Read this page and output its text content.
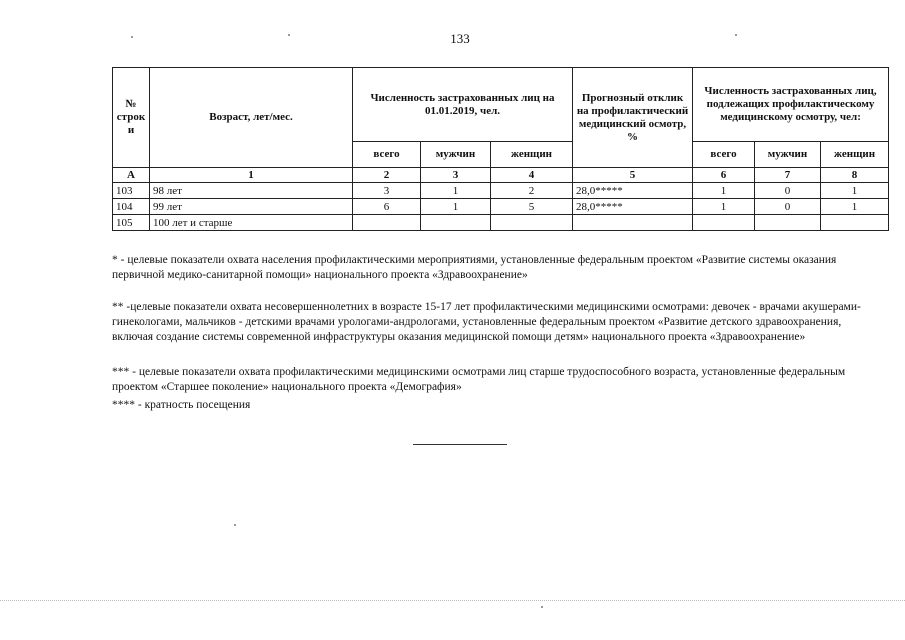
133
№ строк и	Возраст, лет/мес.	Численность застрахованных лиц на 01.01.2019, чел.			Прогнозный отклик на профилактический медицинский осмотр, %	Численность застрахованных лиц, подлежащих профилактическому медицинскому осмотру, чел:		
		всего	мужчин	женщин		всего	мужчин	женщин
А	1	2	3	4	5	6	7	8
103	98 лет	3	1	2	28,0*****	1	0	1
104	99 лет	6	1	5	28,0*****	1	0	1
105	100 лет и старше							
* - целевые показатели охвата населения профилактическими мероприятиями, установленные федеральным проектом «Развитие системы оказания первичной медико-санитарной помощи» национального проекта «Здравоохранение»
** -целевые показатели охвата несовершеннолетних в возрасте 15-17 лет профилактическими медицинскими осмотрами: девочек - врачами акушерами-гинекологами, мальчиков - детскими врачами урологами-андрологами, установленные федеральным проектом «Развитие детского здравоохранения, включая создание системы современной инфраструктуры оказания медицинской помощи детям» национального проекта «Здравоохранение»
*** - целевые показатели охвата профилактическими медицинскими осмотрами лиц старше трудоспособного возраста, установленные федеральным проектом «Старшее поколение» национального проекта «Демография»
**** - кратность посещения
